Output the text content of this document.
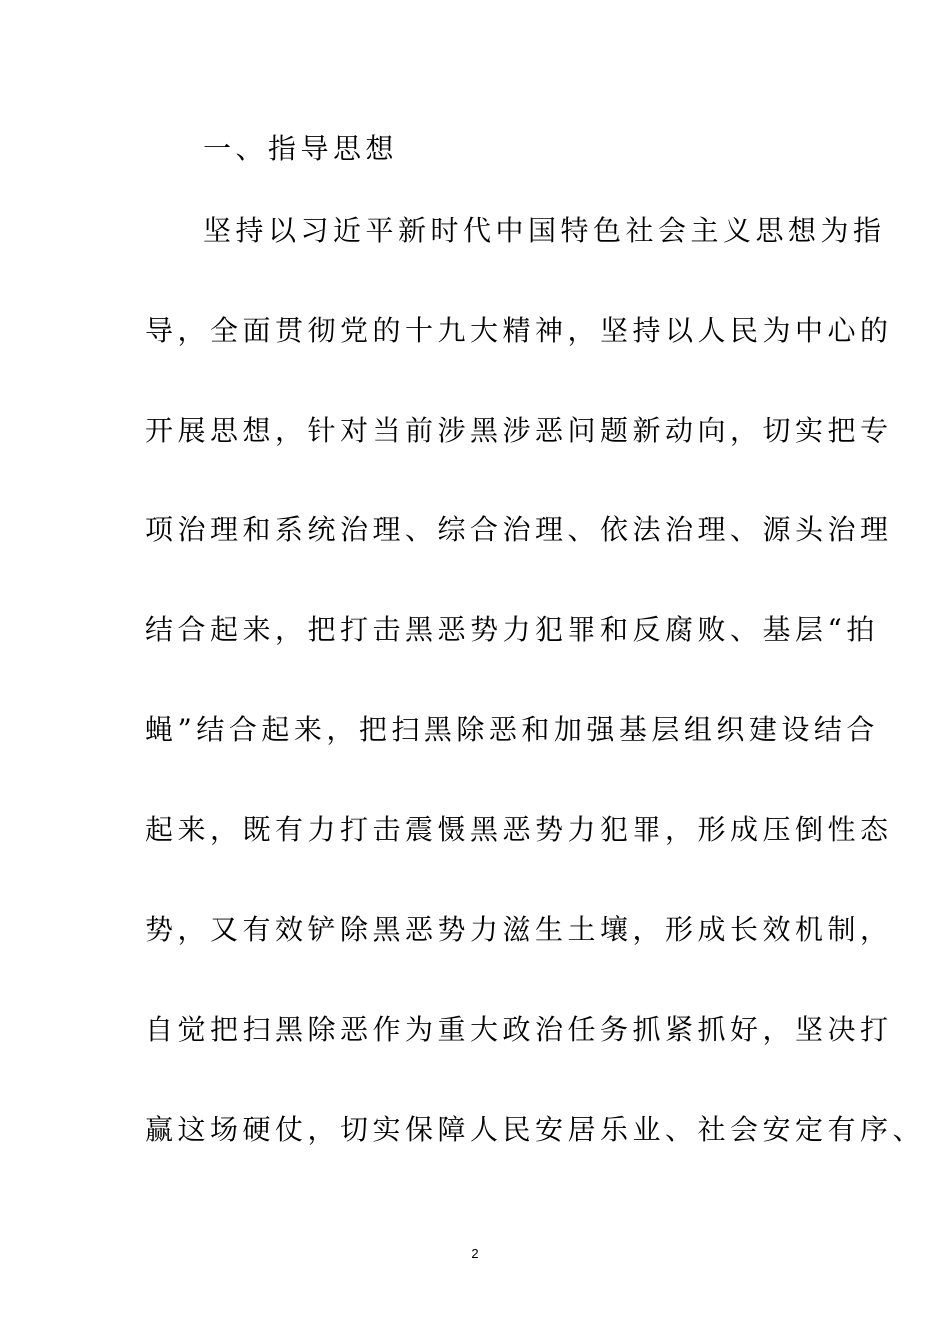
一、指导思想
坚持以习近平新时代中国特色社会主义思想为指
导，全面贯彻党的十九大精神，坚持以人民为中心的
开展思想，针对当前涉黑涉恶问题新动向，切实把专
项治理和系统治理、综合治理、依法治理、源头治理
结合起来，把打击黑恶势力犯罪和反腐败、基层“拍
蝇”结合起来，把扫黑除恶和加强基层组织建设结合
起来，既有力打击震慑黑恶势力犯罪，形成压倒性态
势，又有效铲除黑恶势力滋生土壤，形成长效机制，
自觉把扫黑除恶作为重大政治任务抓紧抓好，坚决打
赢这场硬仗，切实保障人民安居乐业、社会安定有序、
2
